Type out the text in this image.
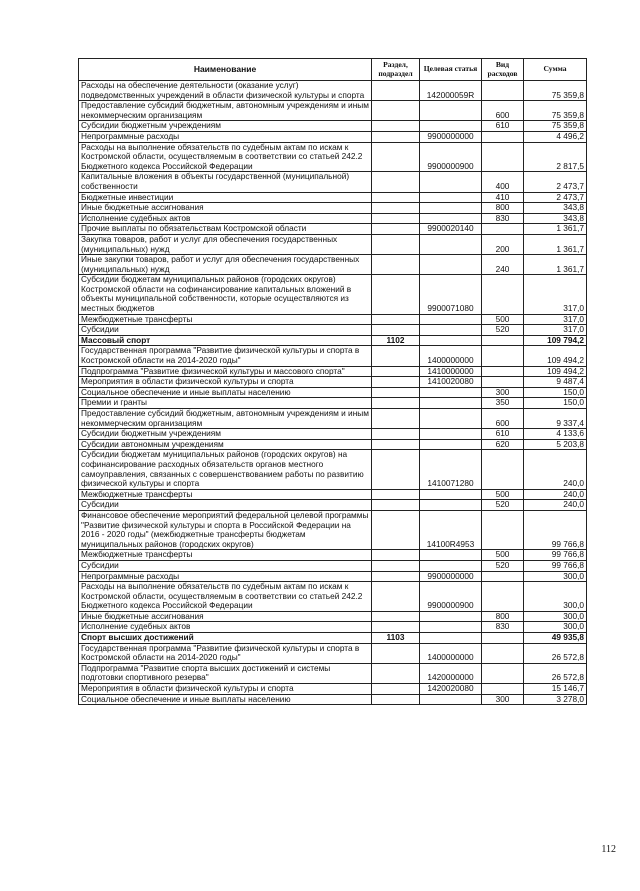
Наименование	Раздел, подраздел	Целевая статья	Вид расходов	Сумма
Расходы на обеспечение деятельности (оказание услуг) подведомственных учреждений в области физической культуры и спорта		142000059R		75 359,8
Предоставление субсидий бюджетным, автономным учреждениям и иным некоммерческим организациям			600	75 359,8
Субсидии бюджетным учреждениям			610	75 359,8
Непрограммные расходы		9900000000		4 496,2
Расходы на выполнение обязательств по судебным актам по искам к Костромской области, осуществляемым в соответствии со статьей 242.2 Бюджетного кодекса Российской Федерации		9900000900		2 817,5
Капитальные вложения в объекты государственной (муниципальной) собственности			400	2 473,7
Бюджетные инвестиции			410	2 473,7
Иные бюджетные ассигнования			800	343,8
Исполнение судебных актов			830	343,8
Прочие выплаты по обязательствам Костромской области		9900020140		1 361,7
Закупка товаров, работ и услуг для обеспечения государственных (муниципальных) нужд			200	1 361,7
Иные закупки товаров, работ и услуг для обеспечения государственных (муниципальных) нужд			240	1 361,7
Субсидии бюджетам муниципальных районов (городских округов) Костромской области на софинансирование капитальных вложений в объекты муниципальной собственности, которые осуществляются из местных бюджетов		9900071080		317,0
Межбюджетные трансферты			500	317,0
Субсидии			520	317,0
Массовый спорт	1102			109 794,2
Государственная программа "Развитие физической культуры и спорта в Костромской области на 2014-2020 годы"		1400000000		109 494,2
Подпрограмма "Развитие физической культуры и массового спорта"		1410000000		109 494,2
Мероприятия в области физической культуры и спорта		1410020080		9 487,4
Социальное обеспечение и иные выплаты населению			300	150,0
Премии и гранты			350	150,0
Предоставление субсидий бюджетным, автономным учреждениям и иным некоммерческим организациям			600	9 337,4
Субсидии бюджетным учреждениям			610	4 133,6
Субсидии автономным учреждениям			620	5 203,8
Субсидии бюджетам муниципальных районов (городских округов) на софинансирование расходных обязательств органов местного самоуправления, связанных с совершенствованием работы по развитию физической культуры и спорта		1410071280		240,0
Межбюджетные трансферты			500	240,0
Субсидии			520	240,0
Финансовое обеспечение мероприятий федеральной целевой программы "Развитие физической культуры и спорта в Российской Федерации на 2016 - 2020 годы" (межбюджетные трансферты бюджетам муниципальных районов (городских округов)		14100R4953		99 766,8
Межбюджетные трансферты			500	99 766,8
Субсидии			520	99 766,8
Непрограммные расходы		9900000000		300,0
Расходы на выполнение обязательств по судебным актам по искам к Костромской области, осуществляемым в соответствии со статьей 242.2 Бюджетного кодекса Российской Федерации		9900000900		300,0
Иные бюджетные ассигнования			800	300,0
Исполнение судебных актов			830	300,0
Спорт высших достижений	1103			49 935,8
Государственная программа "Развитие физической культуры и спорта в Костромской области на 2014-2020 годы"		1400000000		26 572,8
Подпрограмма "Развитие спорта высших достижений и системы подготовки спортивного резерва"		1420000000		26 572,8
Мероприятия в области физической культуры и спорта		1420020080		15 146,7
Социальное обеспечение и иные выплаты населению			300	3 278,0
112
